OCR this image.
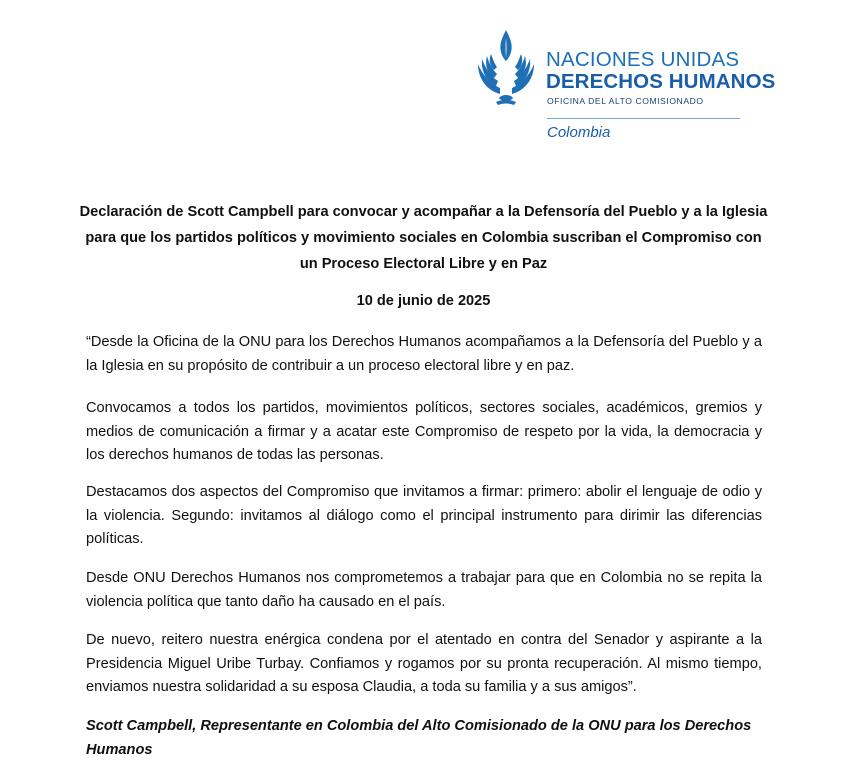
NACIONES UNIDAS
DERECHOS HUMANOS
OFICINA DEL ALTO COMISIONADO
Colombia
Declaración de Scott Campbell para convocar y acompañar a la Defensoría del Pueblo y a la Iglesia para que los partidos políticos y movimiento sociales en Colombia suscriban el Compromiso con un Proceso Electoral Libre y en Paz
10 de junio de 2025
“Desde la Oficina de la ONU para los Derechos Humanos acompañamos a la Defensoría del Pueblo y a la Iglesia en su propósito de contribuir a un proceso electoral libre y en paz.
Convocamos a todos los partidos, movimientos políticos, sectores sociales, académicos, gremios y medios de comunicación a firmar y a acatar este Compromiso de respeto por la vida, la democracia y los derechos humanos de todas las personas.
Destacamos dos aspectos del Compromiso que invitamos a firmar: primero: abolir el lenguaje de odio y la violencia. Segundo: invitamos al diálogo como el principal instrumento para dirimir las diferencias políticas.
Desde ONU Derechos Humanos nos comprometemos a trabajar para que en Colombia no se repita la violencia política que tanto daño ha causado en el país.
De nuevo, reitero nuestra enérgica condena por el atentado en contra del Senador y aspirante a la Presidencia Miguel Uribe Turbay. Confiamos y rogamos por su pronta recuperación. Al mismo tiempo, enviamos nuestra solidaridad a su esposa Claudia, a toda su familia y a sus amigos”.
Scott Campbell, Representante en Colombia del Alto Comisionado de la ONU para los Derechos Humanos
